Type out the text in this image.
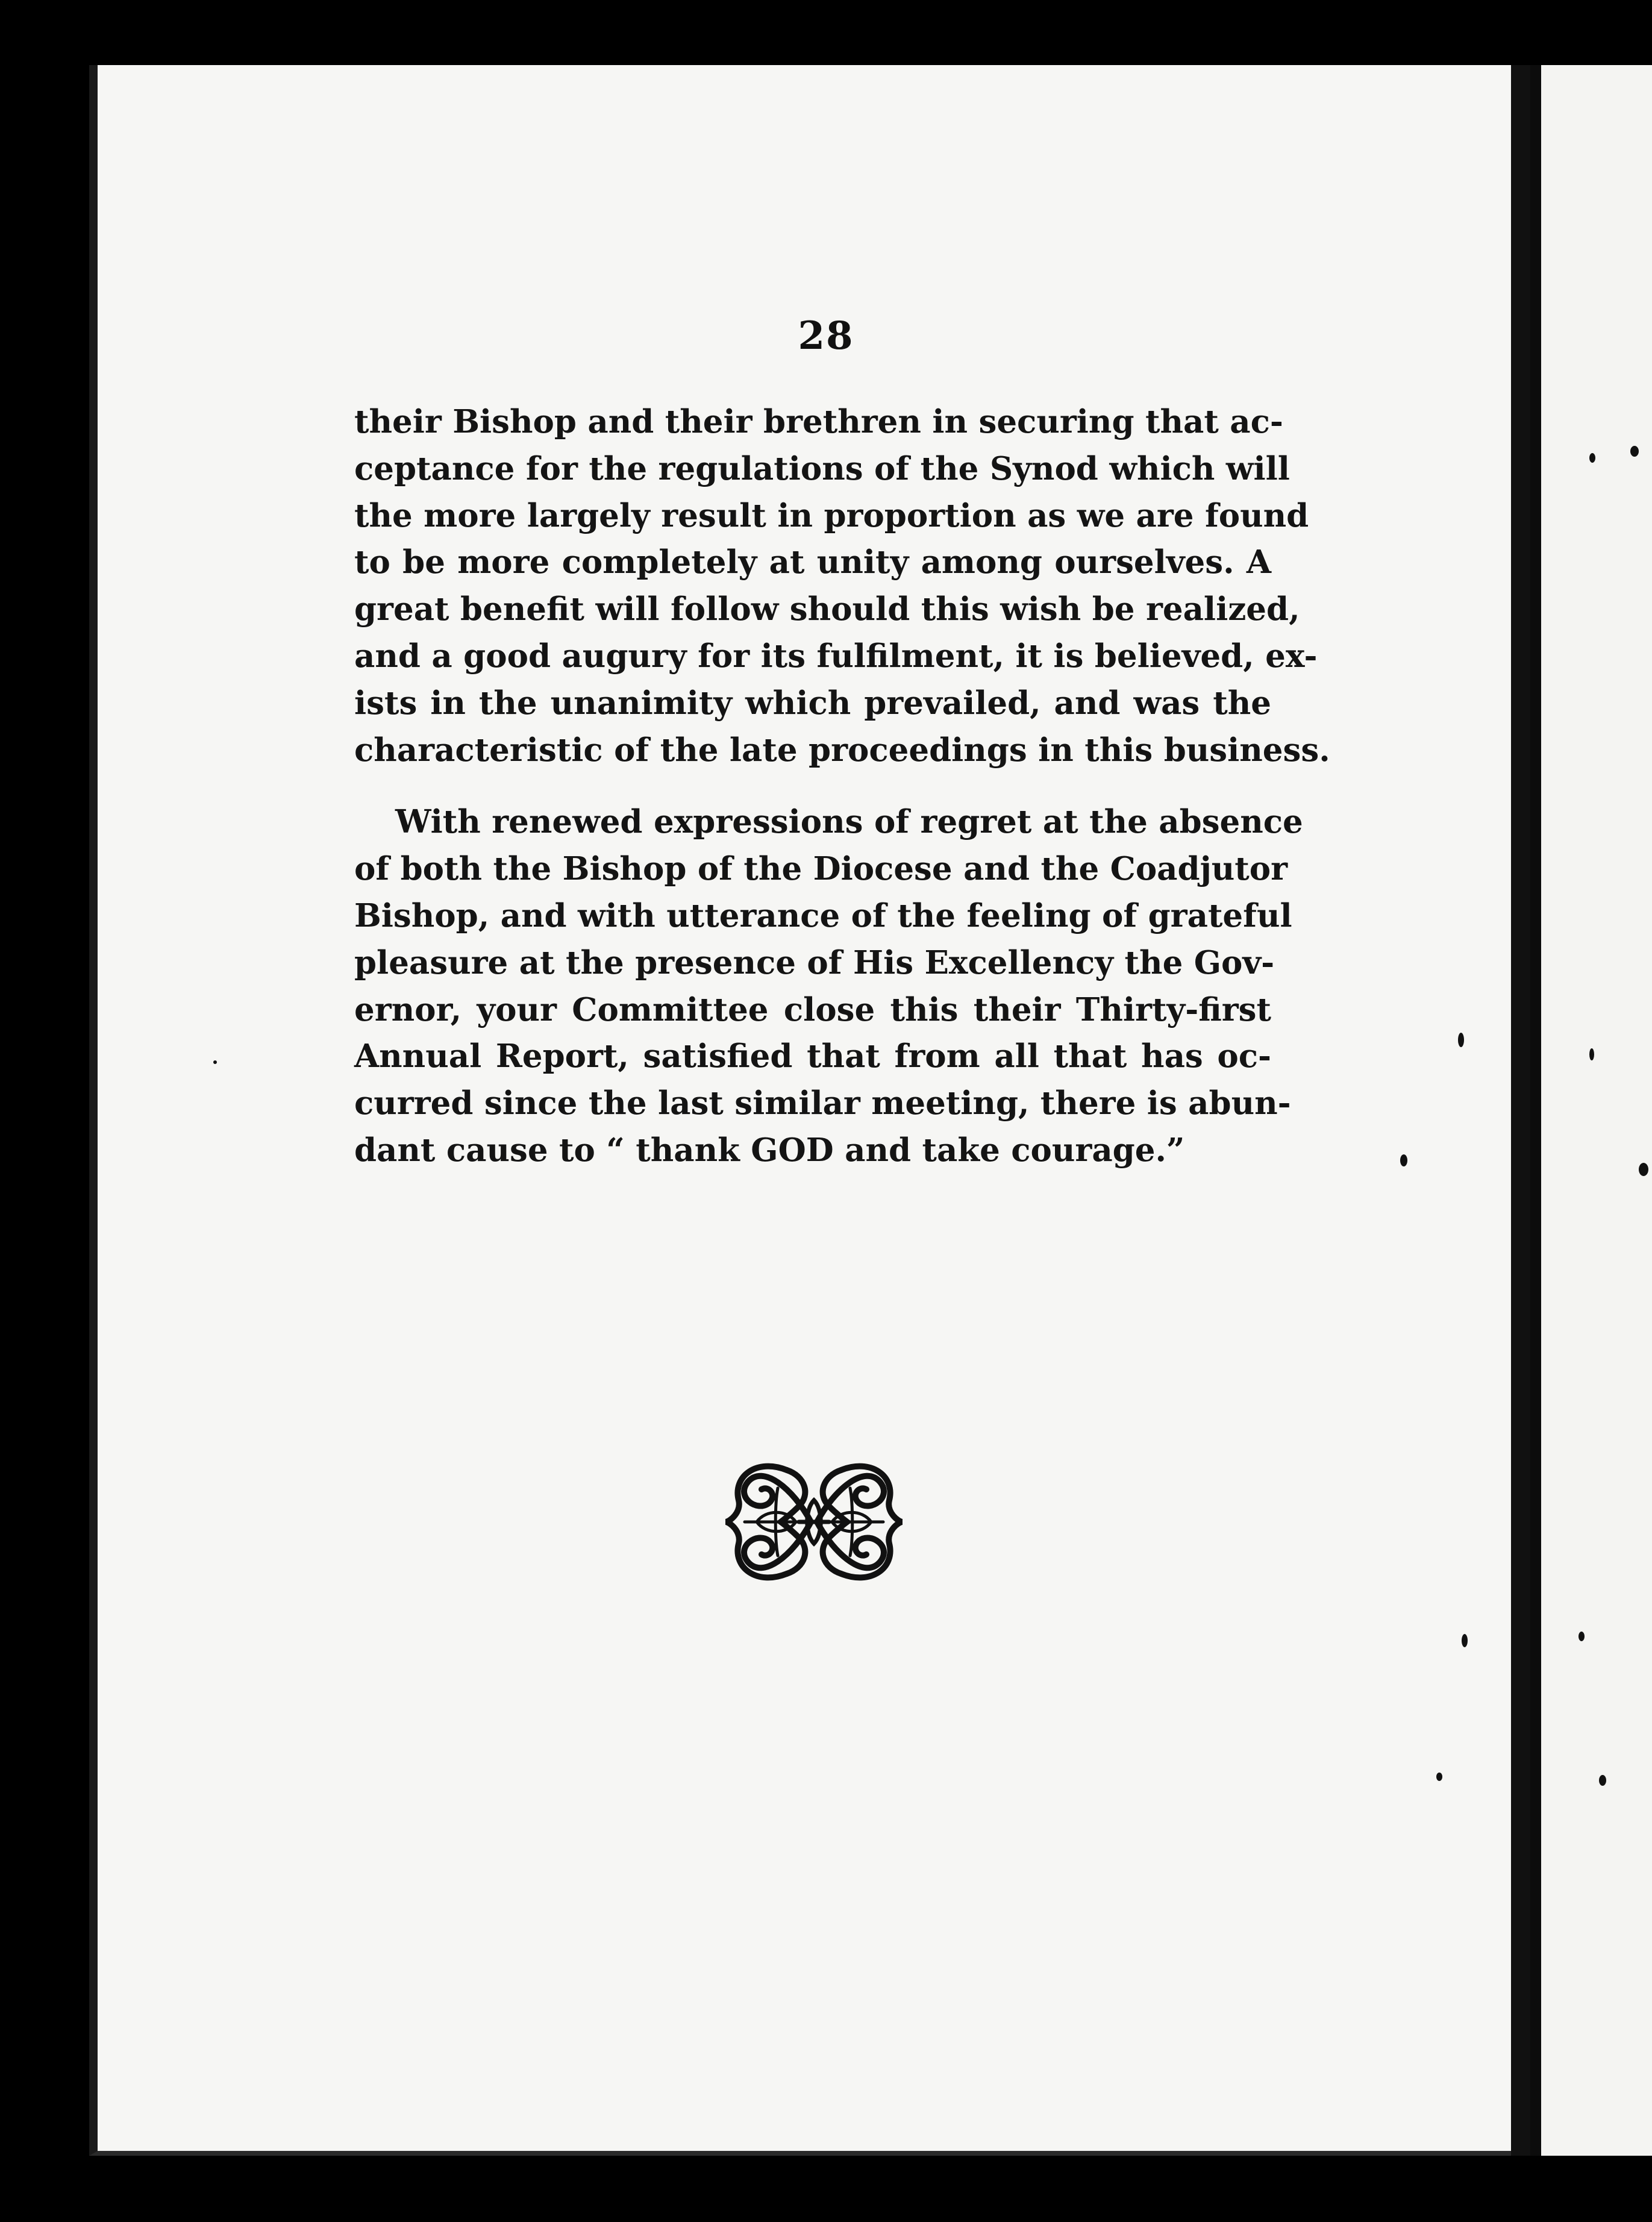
28

their Bishop and their brethren in securing that ac-
ceptance for the regulations of the Synod which will
the more largely result in proportion as we are found
to be more completely at unity among ourselves. A
great benefit will follow should this wish be realized,
and a good augury for its fulfilment, it is believed, ex-
ists in the unanimity which prevailed, and was the
characteristic of the late proceedings in this business.

With renewed expressions of regret at the absence
of both the Bishop of the Diocese and the Coadjutor
Bishop, and with utterance of the feeling of grateful
pleasure at the presence of His Excellency the Gov-
ernor, your Committee close this their Thirty-first
Annual Report, satisfied that from all that has oc-
curred since the last similar meeting, there is abun-
dant cause to “ thank GOD and take courage.”
